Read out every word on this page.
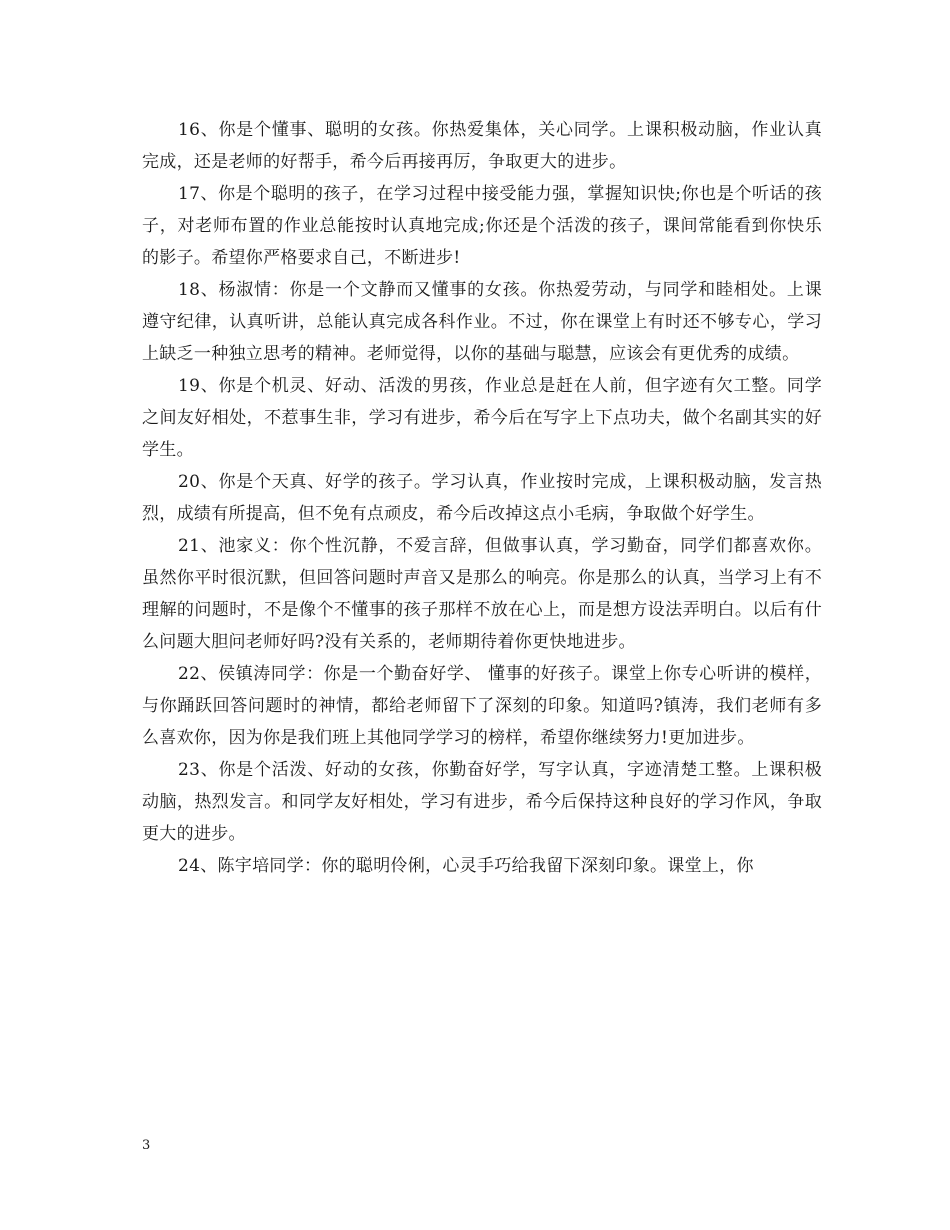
16、你是个懂事、聪明的女孩。你热爱集体，关心同学。上课积极动脑，作业认真完成，还是老师的好帮手，希今后再接再厉，争取更大的进步。

17、你是个聪明的孩子，在学习过程中接受能力强，掌握知识快;你也是个听话的孩子，对老师布置的作业总能按时认真地完成;你还是个活泼的孩子，课间常能看到你快乐的影子。希望你严格要求自己，不断进步!

18、杨淑情：你是一个文静而又懂事的女孩。你热爱劳动，与同学和睦相处。上课遵守纪律，认真听讲，总能认真完成各科作业。不过，你在课堂上有时还不够专心，学习上缺乏一种独立思考的精神。老师觉得，以你的基础与聪慧，应该会有更优秀的成绩。

19、你是个机灵、好动、活泼的男孩，作业总是赶在人前，但字迹有欠工整。同学之间友好相处，不惹事生非，学习有进步，希今后在写字上下点功夫，做个名副其实的好学生。

20、你是个天真、好学的孩子。学习认真，作业按时完成，上课积极动脑，发言热烈，成绩有所提高，但不免有点顽皮，希今后改掉这点小毛病，争取做个好学生。

21、池家义：你个性沉静，不爱言辞，但做事认真，学习勤奋，同学们都喜欢你。虽然你平时很沉默，但回答问题时声音又是那么的响亮。你是那么的认真，当学习上有不理解的问题时，不是像个不懂事的孩子那样不放在心上，而是想方设法弄明白。以后有什么问题大胆问老师好吗?没有关系的，老师期待着你更快地进步。

22、侯镇涛同学：你是一个勤奋好学、 懂事的好孩子。课堂上你专心听讲的模样，与你踊跃回答问题时的神情，都给老师留下了深刻的印象。知道吗?镇涛，我们老师有多么喜欢你，因为你是我们班上其他同学学习的榜样，希望你继续努力!更加进步。

23、你是个活泼、好动的女孩，你勤奋好学，写字认真，字迹清楚工整。上课积极动脑，热烈发言。和同学友好相处，学习有进步，希今后保持这种良好的学习作风，争取更大的进步。

24、陈宇培同学：你的聪明伶俐，心灵手巧给我留下深刻印象。课堂上，你

3
